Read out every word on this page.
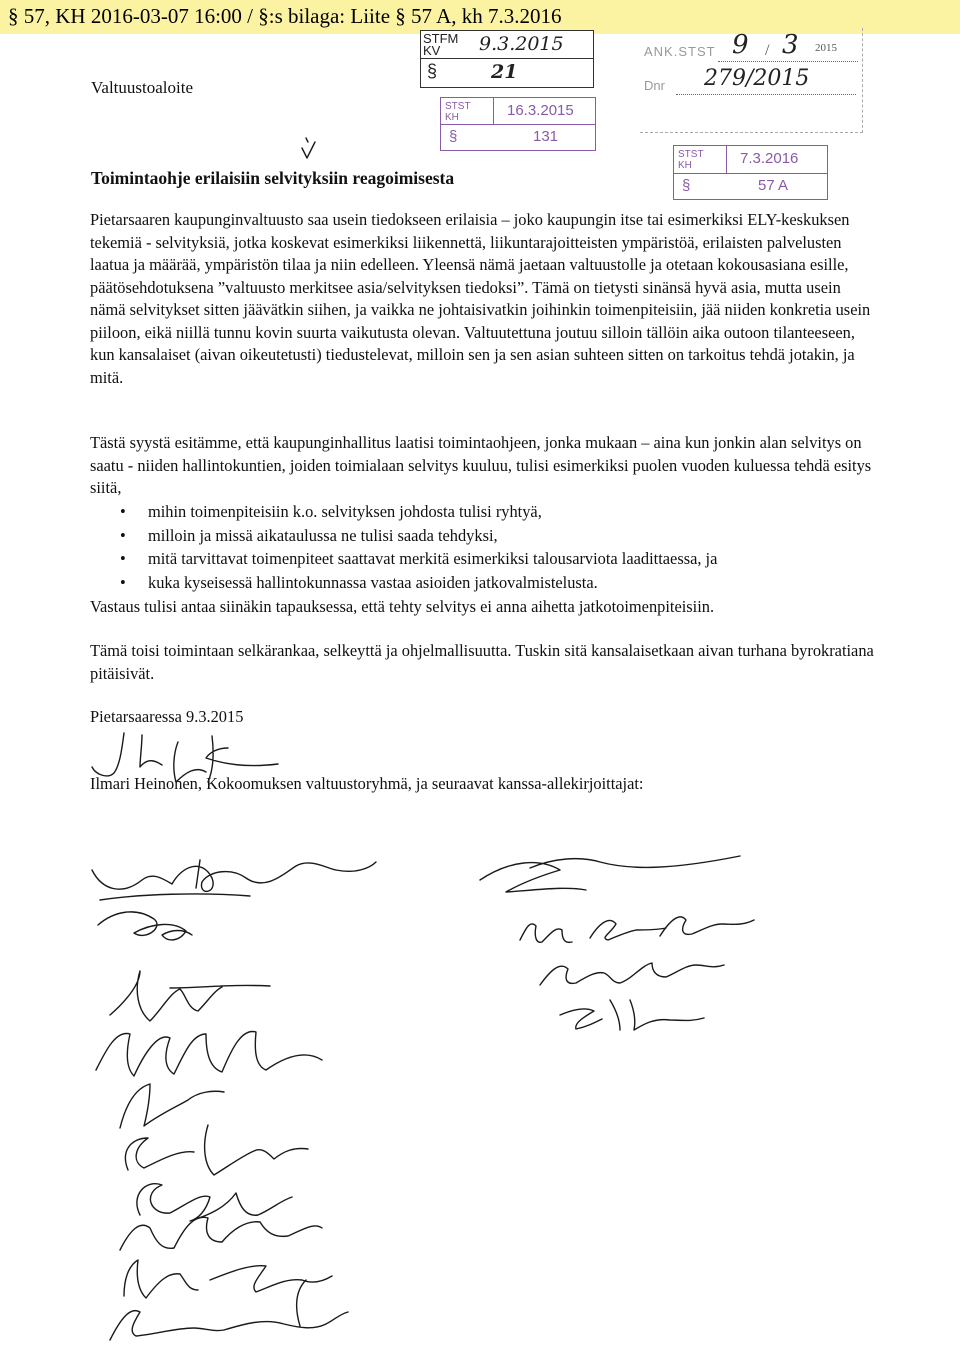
§ 57, KH 2016-03-07 16:00 / §:s bilaga: Liite § 57 A, kh 7.3.2016
STFM KV	9.3.2015
§	21
STST
KH	16.3.2015
§	131
ANK.STST 9 / 3 2015
Dnr 279/2015
STST
KH	7.3.2016
§	57 A
Valtuustoaloite
Toimintaohje erilaisiin selvityksiin reagoimisesta

Pietarsaaren kaupunginvaltuusto saa usein tiedokseen erilaisia – joko kaupungin itse tai esimerkiksi ELY-keskuksen tekemiä - selvityksiä, jotka koskevat esimerkiksi liikennettä, liikuntarajoitteisten ympäristöä, erilaisten palvelusten laatua ja määrää, ympäristön tilaa ja niin edelleen. Yleensä nämä jaetaan valtuustolle ja otetaan kokousasiana esille, päätösehdotuksena ”valtuusto merkitsee asia/selvityksen tiedoksi”. Tämä on tietysti sinänsä hyvä asia, mutta usein nämä selvitykset sitten jäävätkin siihen, ja vaikka ne johtaisivatkin joihinkin toimenpiteisiin, jää niiden konkretia usein piiloon, eikä niillä tunnu kovin suurta vaikutusta olevan. Valtuutettuna joutuu silloin tällöin aika outoon tilanteeseen, kun kansalaiset (aivan oikeutetusti) tiedustelevat, milloin sen ja sen asian suhteen sitten on tarkoitus tehdä jotakin, ja mitä.

Tästä syystä esitämme, että kaupunginhallitus laatisi toimintaohjeen, jonka mukaan – aina kun jonkin alan selvitys on saatu - niiden hallintokuntien, joiden toimialaan selvitys kuuluu, tulisi esimerkiksi puolen vuoden kuluessa tehdä esitys siitä,

• mihin toimenpiteisiin k.o. selvityksen johdosta tulisi ryhtyä,
• milloin ja missä aikataulussa ne tulisi saada tehdyksi,
• mitä tarvittavat toimenpiteet saattavat merkitä esimerkiksi talousarviota laadittaessa, ja
• kuka kyseisessä hallintokunnassa vastaa asioiden jatkovalmistelusta.

Vastaus tulisi antaa siinäkin tapauksessa, että tehty selvitys ei anna aihetta jatkotoimenpiteisiin.

Tämä toisi toimintaan selkärankaa, selkeyttä ja ohjelmallisuutta. Tuskin sitä kansalaisetkaan aivan turhana byrokratiana pitäisivät.

Pietarsaaressa 9.3.2015
Ilmari Heinonen, Kokoomuksen valtuustoryhmä, ja seuraavat kanssa-allekirjoittajat:
